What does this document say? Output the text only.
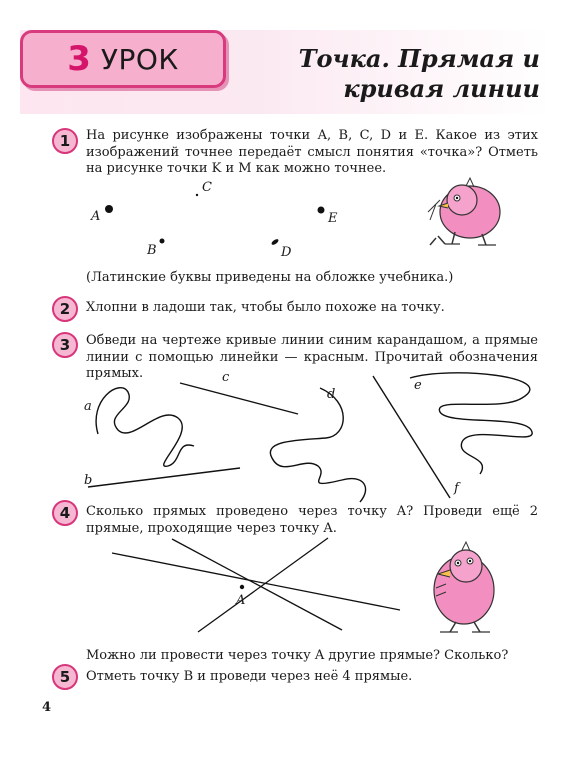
3 УРОК	Точка. Прямая и
кривая линии
1	На рисунке изображены точки A, B, C, D и E. Какое из этих изображений точнее передаёт смысл понятия «точка»? Отметь на рисунке точки K и M как можно точнее.
A
B
C
D
E
(Латинские буквы приведены на обложке учебника.)
2	Хлопни в ладоши так, чтобы было похоже на точку.
3	Обведи на чертеже кривые линии синим карандашом, а прямые линии с помощью линейки — красным. Прочитай обозначения прямых.
a
b
c
d
f
e
4	Сколько прямых проведено через точку A? Проведи ещё 2 прямые, проходящие через точку A.
A
Можно ли провести через точку A другие прямые? Сколько?
5	Отметь точку B и проведи через неё 4 прямые.
4
